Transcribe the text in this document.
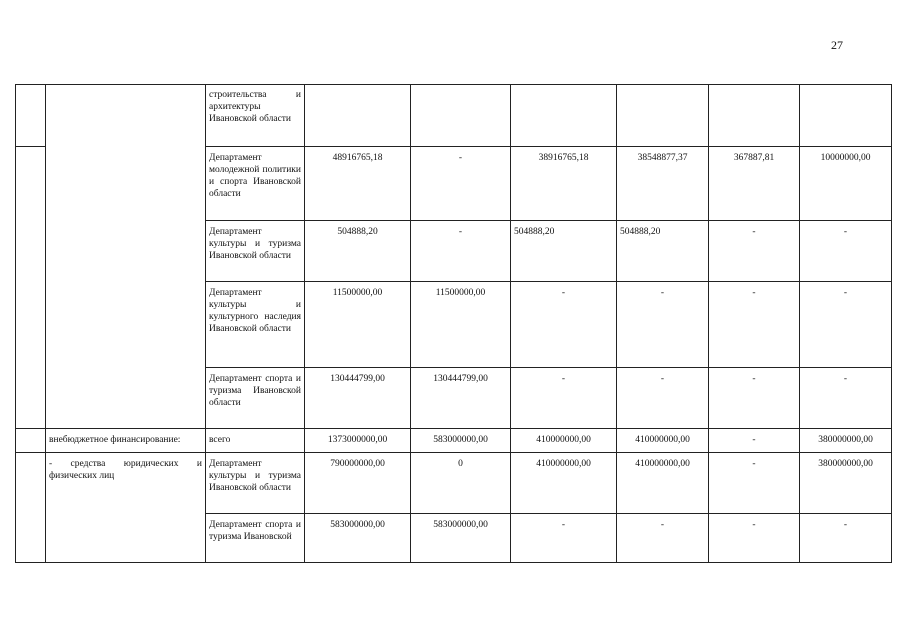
27
		строительства и архитектуры Ивановской области						
		Департамент молодежной политики и спорта Ивановской области	48916765,18	-	38916765,18	38548877,37	367887,81	10000000,00
		Департамент культуры и туризма Ивановской области	504888,20	-	504888,20	504888,20	-	-
		Департамент культуры и культурного наследия Ивановской области	11500000,00	11500000,00	-	-	-	-
		Департамент спорта и туризма Ивановской области	130444799,00	130444799,00	-	-	-	-
	внебюджетное финансирование:	всего	1373000000,00	583000000,00	410000000,00	410000000,00	-	380000000,00
	- средства юридических и физических лиц	Департамент культуры и туризма Ивановской области	790000000,00	0	410000000,00	410000000,00	-	380000000,00
		Департамент спорта и туризма Ивановской	583000000,00	583000000,00	-	-	-	-
